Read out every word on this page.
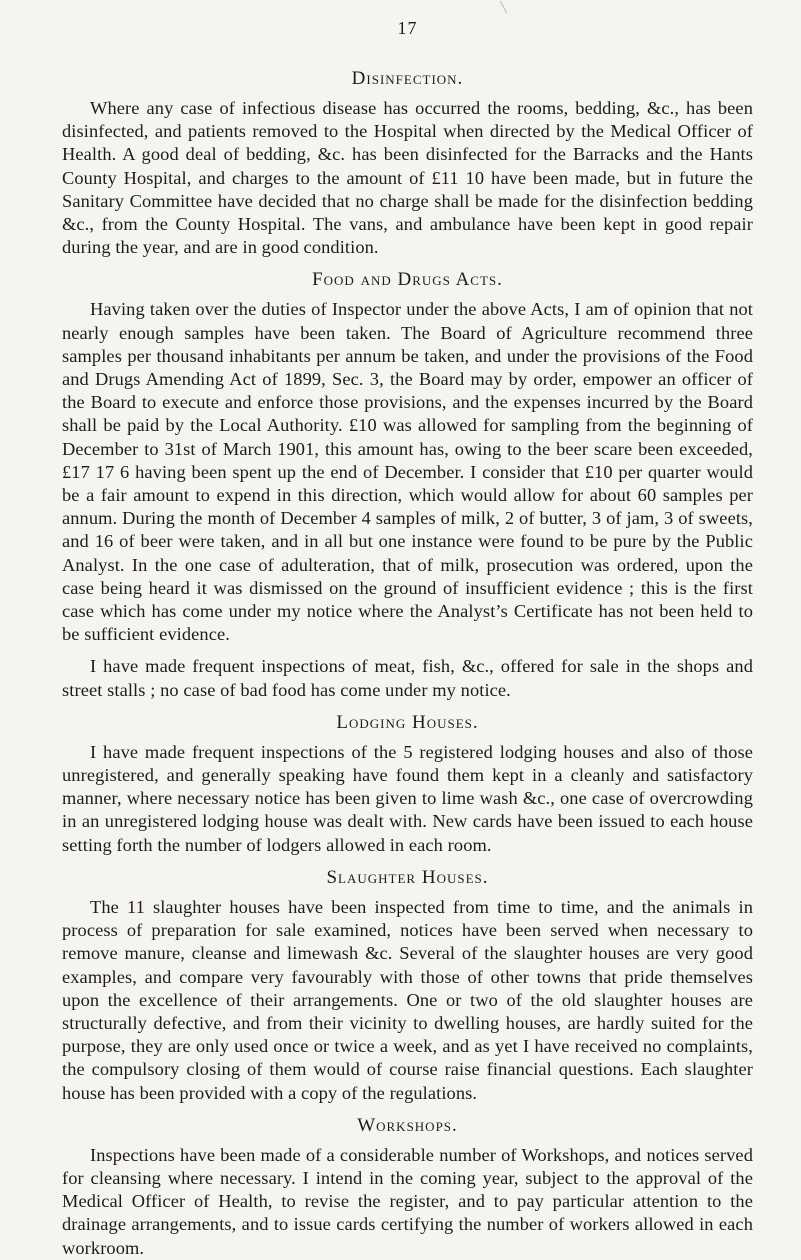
17
Disinfection.

Where any case of infectious disease has occurred the rooms, bedding, &c., has been disinfected, and patients removed to the Hospital when directed by the Medical Officer of Health. A good deal of bedding, &c. has been disinfected for the Barracks and the Hants County Hospital, and charges to the amount of £11 10 have been made, but in future the Sanitary Committee have decided that no charge shall be made for the disinfection bedding &c., from the County Hospital. The vans, and ambulance have been kept in good repair during the year, and are in good condition.

Food and Drugs Acts.

Having taken over the duties of Inspector under the above Acts, I am of opinion that not nearly enough samples have been taken. The Board of Agriculture recommend three samples per thousand inhabitants per annum be taken, and under the provisions of the Food and Drugs Amending Act of 1899, Sec. 3, the Board may by order, empower an officer of the Board to execute and enforce those provisions, and the expenses incurred by the Board shall be paid by the Local Authority. £10 was allowed for sampling from the beginning of December to 31st of March 1901, this amount has, owing to the beer scare been exceeded, £17 17 6 having been spent up the end of December. I consider that £10 per quarter would be a fair amount to expend in this direction, which would allow for about 60 samples per annum. During the month of December 4 samples of milk, 2 of butter, 3 of jam, 3 of sweets, and 16 of beer were taken, and in all but one instance were found to be pure by the Public Analyst. In the one case of adulteration, that of milk, prosecution was ordered, upon the case being heard it was dismissed on the ground of insufficient evidence ; this is the first case which has come under my notice where the Analyst’s Certificate has not been held to be sufficient evidence.

I have made frequent inspections of meat, fish, &c., offered for sale in the shops and street stalls ; no case of bad food has come under my notice.

Lodging Houses.

I have made frequent inspections of the 5 registered lodging houses and also of those unregistered, and generally speaking have found them kept in a cleanly and satisfactory manner, where necessary notice has been given to lime wash &c., one case of overcrowding in an unregistered lodging house was dealt with. New cards have been issued to each house setting forth the number of lodgers allowed in each room.

Slaughter Houses.

The 11 slaughter houses have been inspected from time to time, and the animals in process of preparation for sale examined, notices have been served when necessary to remove manure, cleanse and limewash &c. Several of the slaughter houses are very good examples, and compare very favourably with those of other towns that pride themselves upon the excellence of their arrangements. One or two of the old slaughter houses are structurally defective, and from their vicinity to dwelling houses, are hardly suited for the purpose, they are only used once or twice a week, and as yet I have received no complaints, the compulsory closing of them would of course raise financial questions. Each slaughter house has been provided with a copy of the regulations.

Workshops.

Inspections have been made of a considerable number of Workshops, and notices served for cleansing where necessary. I intend in the coming year, subject to the approval of the Medical Officer of Health, to revise the register, and to pay particular attention to the drainage arrangements, and to issue cards certifying the number of workers allowed in each workroom.
